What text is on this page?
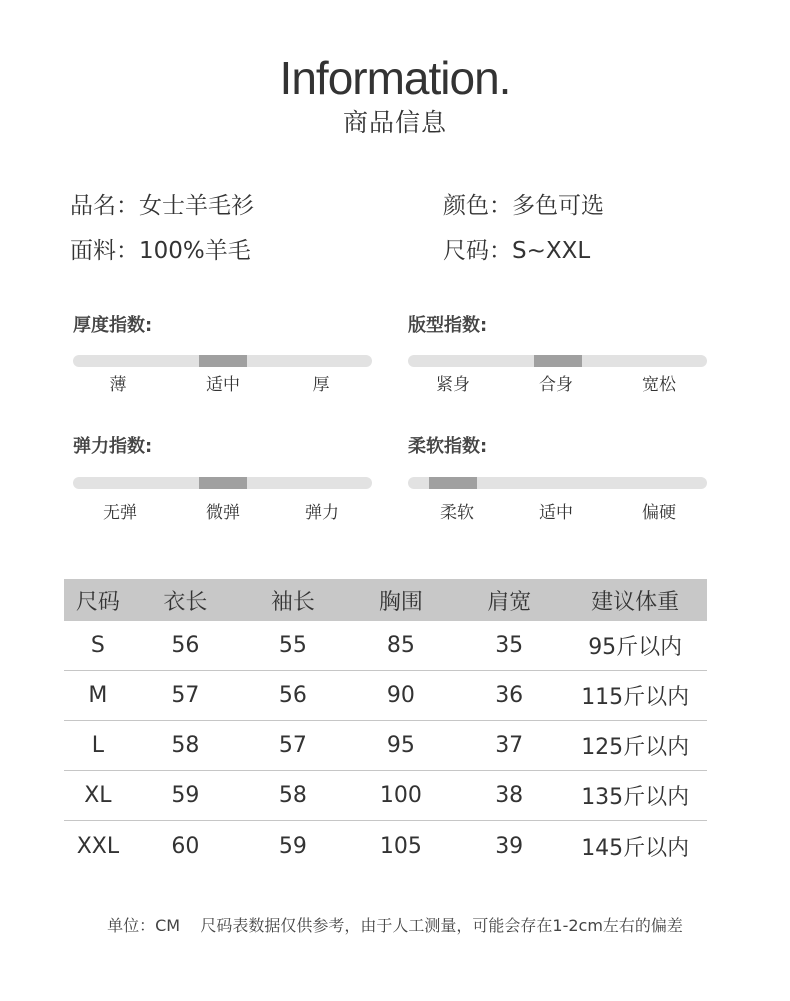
Information.
商品信息
品名：女士羊毛衫	颜色：多色可选
面料：100%羊毛	尺码：S~XXL
厚度指数:
薄	适中	厚
版型指数:
紧身	合身	宽松
弹力指数:
无弹	微弹	弹力
柔软指数:
柔软	适中	偏硬
尺码	衣长	袖长	胸围	肩宽	建议体重
S	56	55	85	35	95斤以内
M	57	56	90	36	115斤以内
L	58	57	95	37	125斤以内
XL	59	58	100	38	135斤以内
XXL	60	59	105	39	145斤以内
单位：CM    尺码表数据仅供参考，由于人工测量，可能会存在1-2cm左右的偏差
